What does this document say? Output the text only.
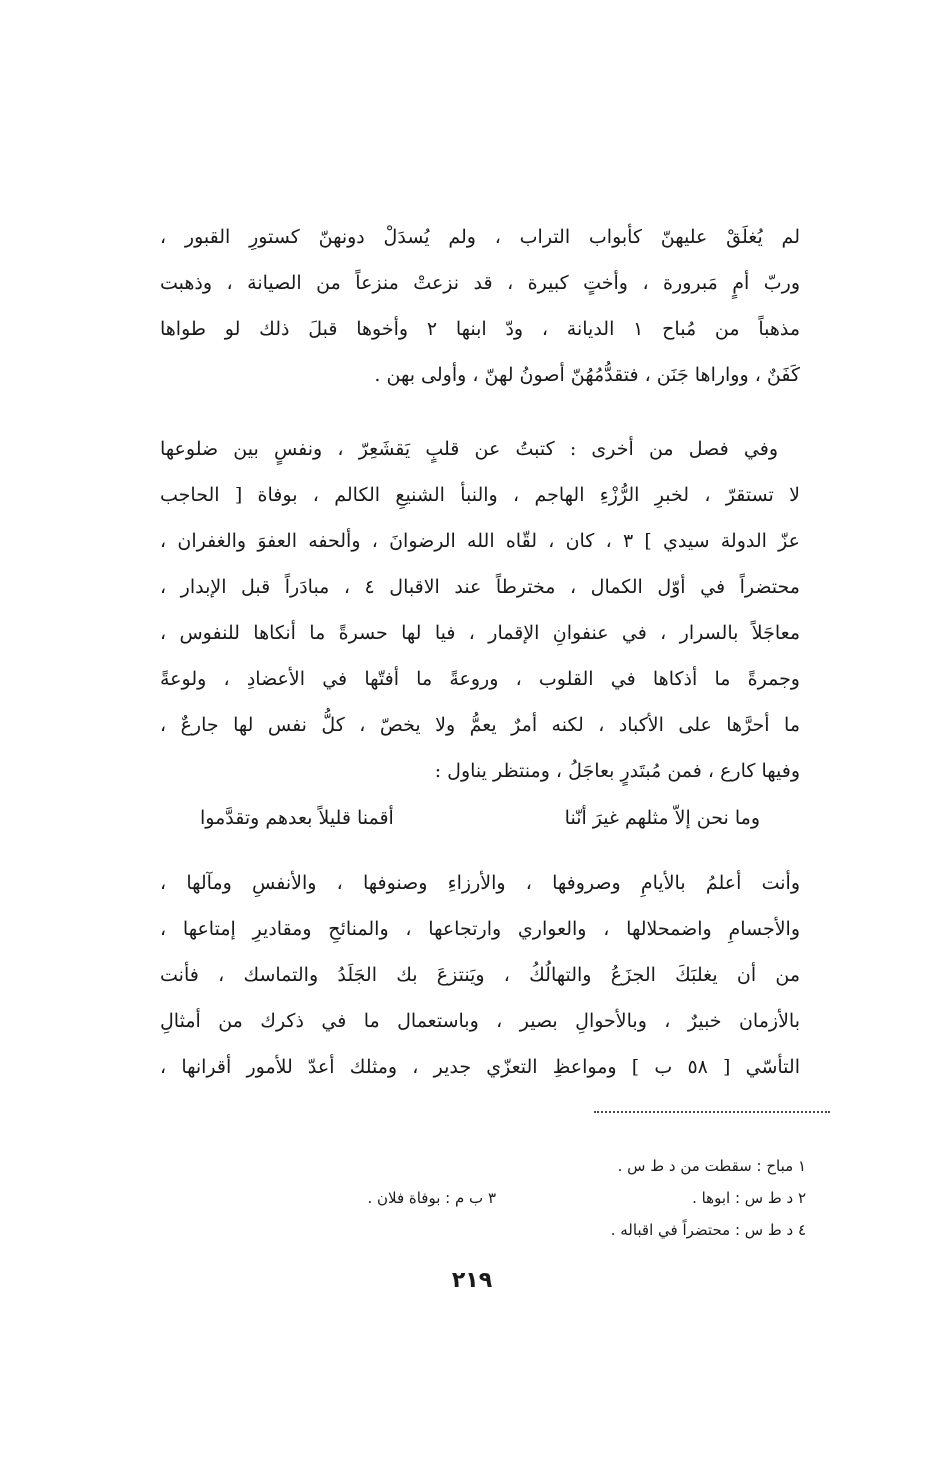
لم يُغلَقْ عليهنّ كأبواب التراب ، ولم يُسدَلْ دونهنّ كستورِ القبور ،
وربّ أمٍ مَبرورة ، وأختٍ كبيرة ، قد نزعتْ منزعاً من الصيانة ، وذهبت
مذهباً من مُباح ١ الديانة ، ودّ ابنها ٢ وأخوها قبلَ ذلك لو طواها
كَفَنٌ ، وواراها جَنَن ، فتقدُّمُهُنّ أصونُ لهنّ ، وأولى بهن .
وفي فصل من أخرى : كتبتُ عن قلبٍ يَقشَعِرّ ، ونفسٍ بين ضلوعها
لا تستقرّ ، لخبرِ الرُّزْءِ الهاجم ، والنبأ الشنيعِ الكالم ، بوفاة [ الحاجب
عزّ الدولة سيدي ] ٣ ، كان ، لقّاه الله الرضوانَ ، وألحفه العفوَ والغفران ،
محتضراً في أوّل الكمال ، مخترطاً عند الاقبال ٤ ، مبادَراً قبل الإبدار ،
معاجَلاً بالسرار ، في عنفوانِ الإقمار ، فيا لها حسرةً ما أنكاها للنفوس ،
وجمرةً ما أذكاها في القلوب ، وروعةً ما أفتّها في الأعضادِ ، ولوعةً
ما أحرَّها على الأكباد ، لكنه أمرٌ يعمُّ ولا يخصّ ، كلُّ نفس لها جارعٌ ،
وفيها كارع ، فمن مُبتَدرٍ بعاجَلُ ، ومنتظر يناول :
وما نحن إلاّ مثلهم غيرَ أنّنا
أقمنا قليلاً بعدهم وتقدَّموا
وأنت أعلمُ بالأيامِ وصروفها ، والأرزاءِ وصنوفها ، والأنفسِ ومآلها ،
والأجسامِ واضمحلالها ، والعواري وارتجاعها ، والمنائحِ ومقاديرِ إمتاعها ،
من أن يغلبَكَ الجزَعُ والتهالُكُ ، ويَنتزعَ بك الجَلَدُ والتماسك ، فأنت
بالأزمان خبيرٌ ، وبالأحوالِ بصير ، وباستعمال ما في ذكرك من أمثالِ
التأسّي [ ٥٨ ب ] ومواعظِ التعزّي جدير ، ومثلك أعدّ للأمور أقرانها ،
١ مباح : سقطت من د ط س .
٢ د ط س : ابوها .
٣ ب م : بوفاة فلان .
٤ د ط س : محتضراً في اقباله .
٢١٩
